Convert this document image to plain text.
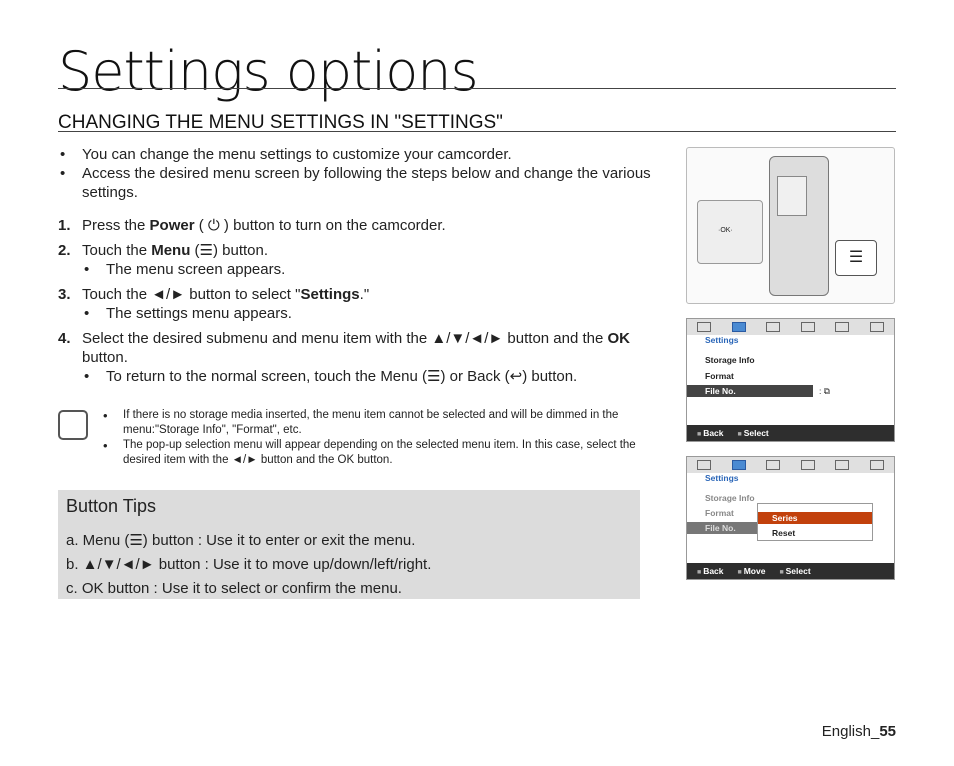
Settings options
CHANGING THE MENU SETTINGS IN "SETTINGS"
• You can change the menu settings to customize your camcorder.
• Access the desired menu screen by following the steps below and change the various settings.
1. Press the Power ( ⏻ ) button to turn on the camcorder.
2. Touch the Menu (☰) button.
• The menu screen appears.
3. Touch the ◄/► button to select "Settings."
• The settings menu appears.
4. Select the desired submenu and menu item with the ▲/▼/◄/► button and the OK button.
• To return to the normal screen, touch the Menu (☰) or Back (↩) button.
• If there is no storage media inserted, the menu item cannot be selected and will be dimmed in the menu:"Storage Info", "Format", etc.
• The pop-up selection menu will appear depending on the selected menu item. In this case, select the desired item with the ◄/► button and the OK button.
Button Tips
a. Menu (☰) button : Use it to enter or exit the menu.
b. ▲/▼/◄/► button : Use it to move up/down/left/right.
c. OK button : Use it to select or confirm the menu.
·OK·
☰
Settings
Storage Info
Format
File No.	: ⧉
■ Back	■ Select
Settings
Storage Info
Format
File No.
Series
Reset
■ Back	■ Move	■ Select
English_55
